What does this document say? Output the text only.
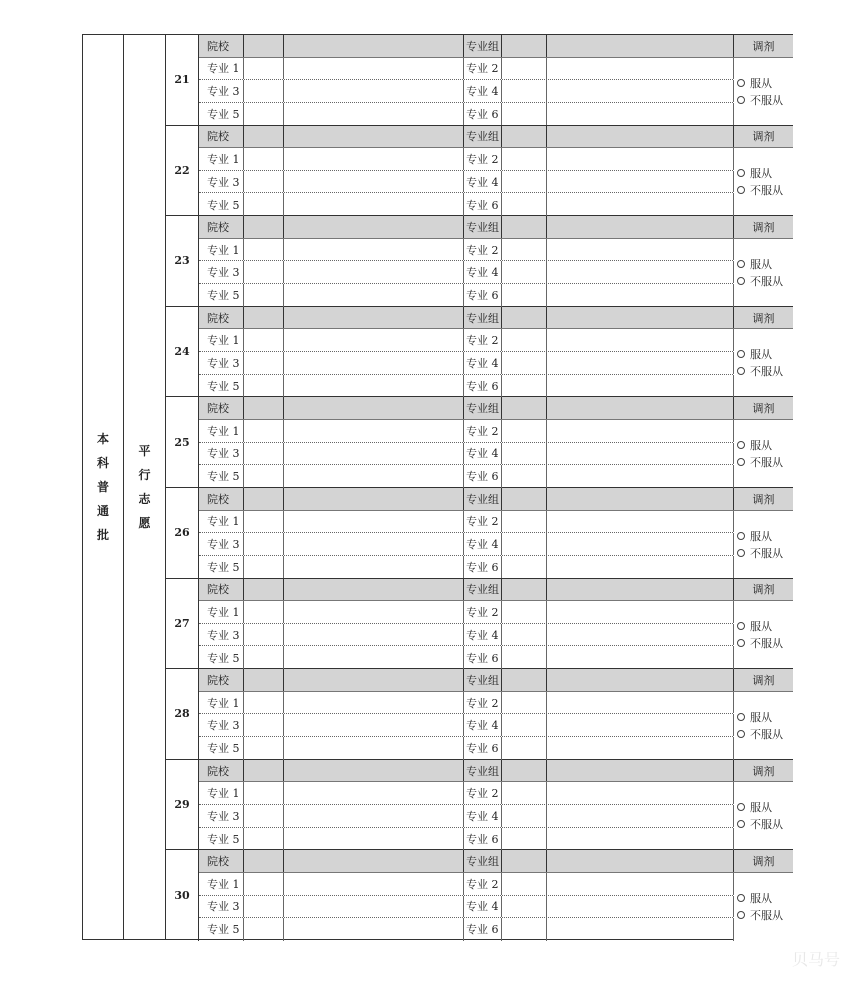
本
科
普
通
批
平
行
志
愿
21
院校	专业组	调剂
专业 1	专业 2
专业 3	专业 4
专业 5	专业 6
服从
不服从
22
院校	专业组	调剂
专业 1	专业 2
专业 3	专业 4
专业 5	专业 6
服从
不服从
23
院校	专业组	调剂
专业 1	专业 2
专业 3	专业 4
专业 5	专业 6
服从
不服从
24
院校	专业组	调剂
专业 1	专业 2
专业 3	专业 4
专业 5	专业 6
服从
不服从
25
院校	专业组	调剂
专业 1	专业 2
专业 3	专业 4
专业 5	专业 6
服从
不服从
26
院校	专业组	调剂
专业 1	专业 2
专业 3	专业 4
专业 5	专业 6
服从
不服从
27
院校	专业组	调剂
专业 1	专业 2
专业 3	专业 4
专业 5	专业 6
服从
不服从
28
院校	专业组	调剂
专业 1	专业 2
专业 3	专业 4
专业 5	专业 6
服从
不服从
29
院校	专业组	调剂
专业 1	专业 2
专业 3	专业 4
专业 5	专业 6
服从
不服从
30
院校	专业组	调剂
专业 1	专业 2
专业 3	专业 4
专业 5	专业 6
服从
不服从
贝马号
